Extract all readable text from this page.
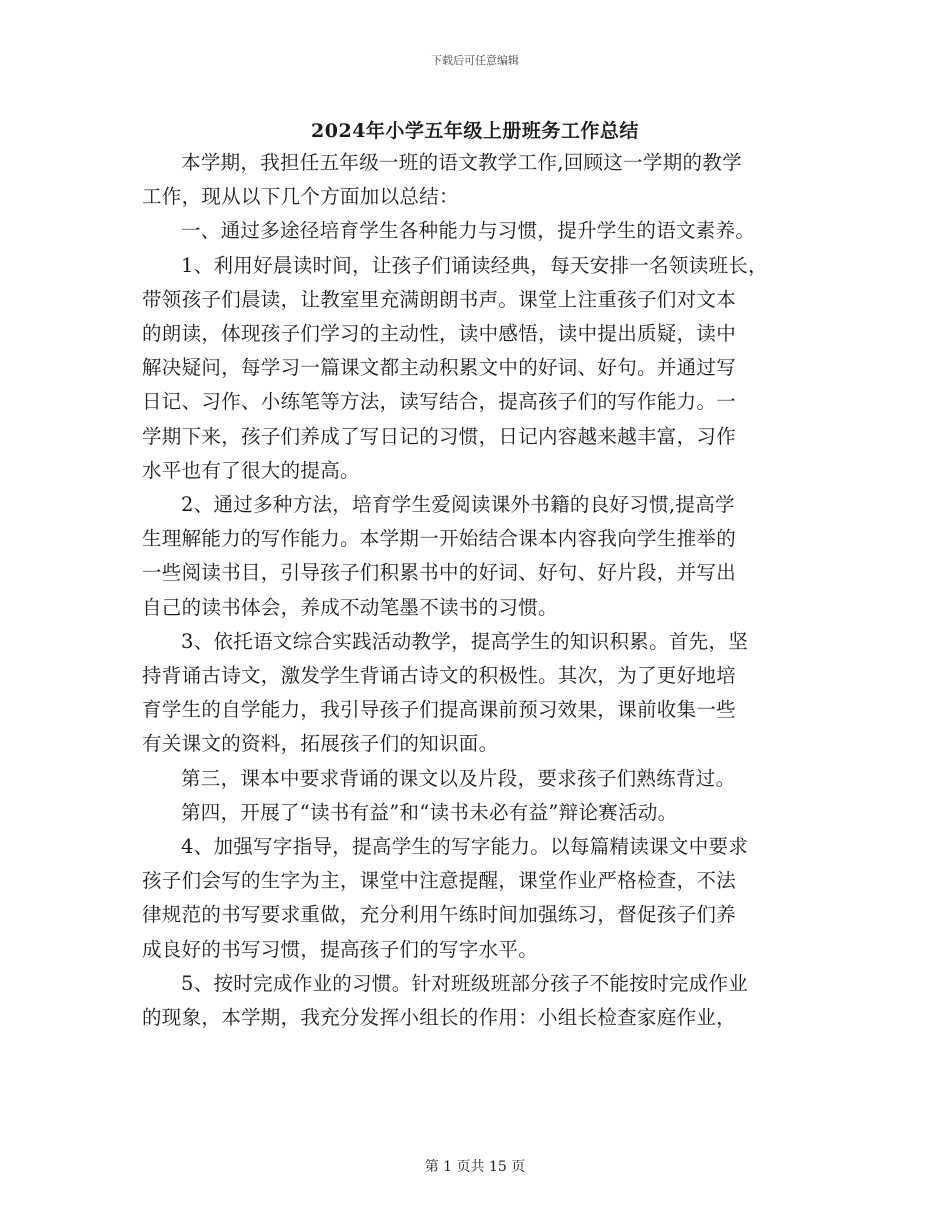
下载后可任意编辑
2024年小学五年级上册班务工作总结
本学期，我担任五年级一班的语文教学工作,回顾这一学期的教学
工作，现从以下几个方面加以总结：
一、通过多途径培育学生各种能力与习惯，提升学生的语文素养。
1、利用好晨读时间，让孩子们诵读经典，每天安排一名领读班长，
带领孩子们晨读，让教室里充满朗朗书声。课堂上注重孩子们对文本
的朗读，体现孩子们学习的主动性，读中感悟，读中提出质疑，读中
解决疑问，每学习一篇课文都主动积累文中的好词、好句。并通过写
日记、习作、小练笔等方法，读写结合，提高孩子们的写作能力。一
学期下来，孩子们养成了写日记的习惯，日记内容越来越丰富，习作
水平也有了很大的提高。
2、通过多种方法，培育学生爱阅读课外书籍的良好习惯,提高学
生理解能力的写作能力。本学期一开始结合课本内容我向学生推举的
一些阅读书目，引导孩子们积累书中的好词、好句、好片段，并写出
自己的读书体会，养成不动笔墨不读书的习惯。
3、依托语文综合实践活动教学，提高学生的知识积累。首先，坚
持背诵古诗文，激发学生背诵古诗文的积极性。其次，为了更好地培
育学生的自学能力，我引导孩子们提高课前预习效果，课前收集一些
有关课文的资料，拓展孩子们的知识面。
第三，课本中要求背诵的课文以及片段，要求孩子们熟练背过。
第四，开展了“读书有益”和“读书未必有益”辩论赛活动。
4、加强写字指导，提高学生的写字能力。以每篇精读课文中要求
孩子们会写的生字为主，课堂中注意提醒，课堂作业严格检查，不法
律规范的书写要求重做，充分利用午练时间加强练习，督促孩子们养
成良好的书写习惯，提高孩子们的写字水平。
5、按时完成作业的习惯。针对班级班部分孩子不能按时完成作业
的现象，本学期，我充分发挥小组长的作用：小组长检查家庭作业，
第 1 页共 15 页
